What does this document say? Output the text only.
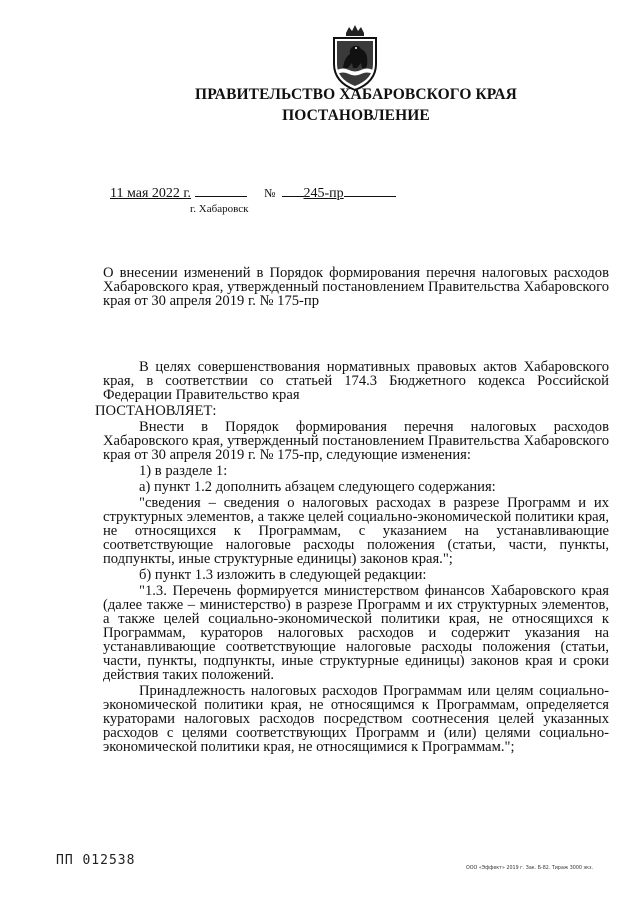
ПРАВИТЕЛЬСТВО ХАБАРОВСКОГО КРАЯ
ПОСТАНОВЛЕНИЕ
11 мая 2022 г.	№ 245-пр
г. Хабаровск
О внесении изменений в Порядок формирования перечня налоговых расходов Хабаровского края, утвержденный постановлением Правительства Хабаровского края от 30 апреля 2019 г. № 175-пр

В целях совершенствования нормативных правовых актов Хабаровского края, в соответствии со статьей 174.3 Бюджетного кодекса Российской Федерации Правительство края

ПОСТАНОВЛЯЕТ:

Внести в Порядок формирования перечня налоговых расходов Хабаровского края, утвержденный постановлением Правительства Хабаровского края от 30 апреля 2019 г. № 175-пр, следующие изменения:

1) в разделе 1:

а) пункт 1.2 дополнить абзацем следующего содержания:

"сведения – сведения о налоговых расходах в разрезе Программ и их структурных элементов, а также целей социально-экономической политики края, не относящихся к Программам, с указанием на устанавливающие соответствующие налоговые расходы положения (статьи, части, пункты, подпункты, иные структурные единицы) законов края.";

б) пункт 1.3 изложить в следующей редакции:

"1.3. Перечень формируется министерством финансов Хабаровского края (далее также – министерство) в разрезе Программ и их структурных элементов, а также целей социально-экономической политики края, не относящихся к Программам, кураторов налоговых расходов и содержит указания на устанавливающие соответствующие налоговые расходы положения (статьи, части, пункты, подпункты, иные структурные единицы) законов края и сроки действия таких положений.

Принадлежность налоговых расходов Программам или целям социально-экономической политики края, не относящимся к Программам, определяется кураторами налоговых расходов посредством соотнесения целей указанных расходов с целями соответствующих Программ и (или) целями социально-экономической политики края, не относящимися к Программам.";

ПП 012538
ООО «Эффект» 2019 г. Зак. Б-82. Тираж 3000 экз.
